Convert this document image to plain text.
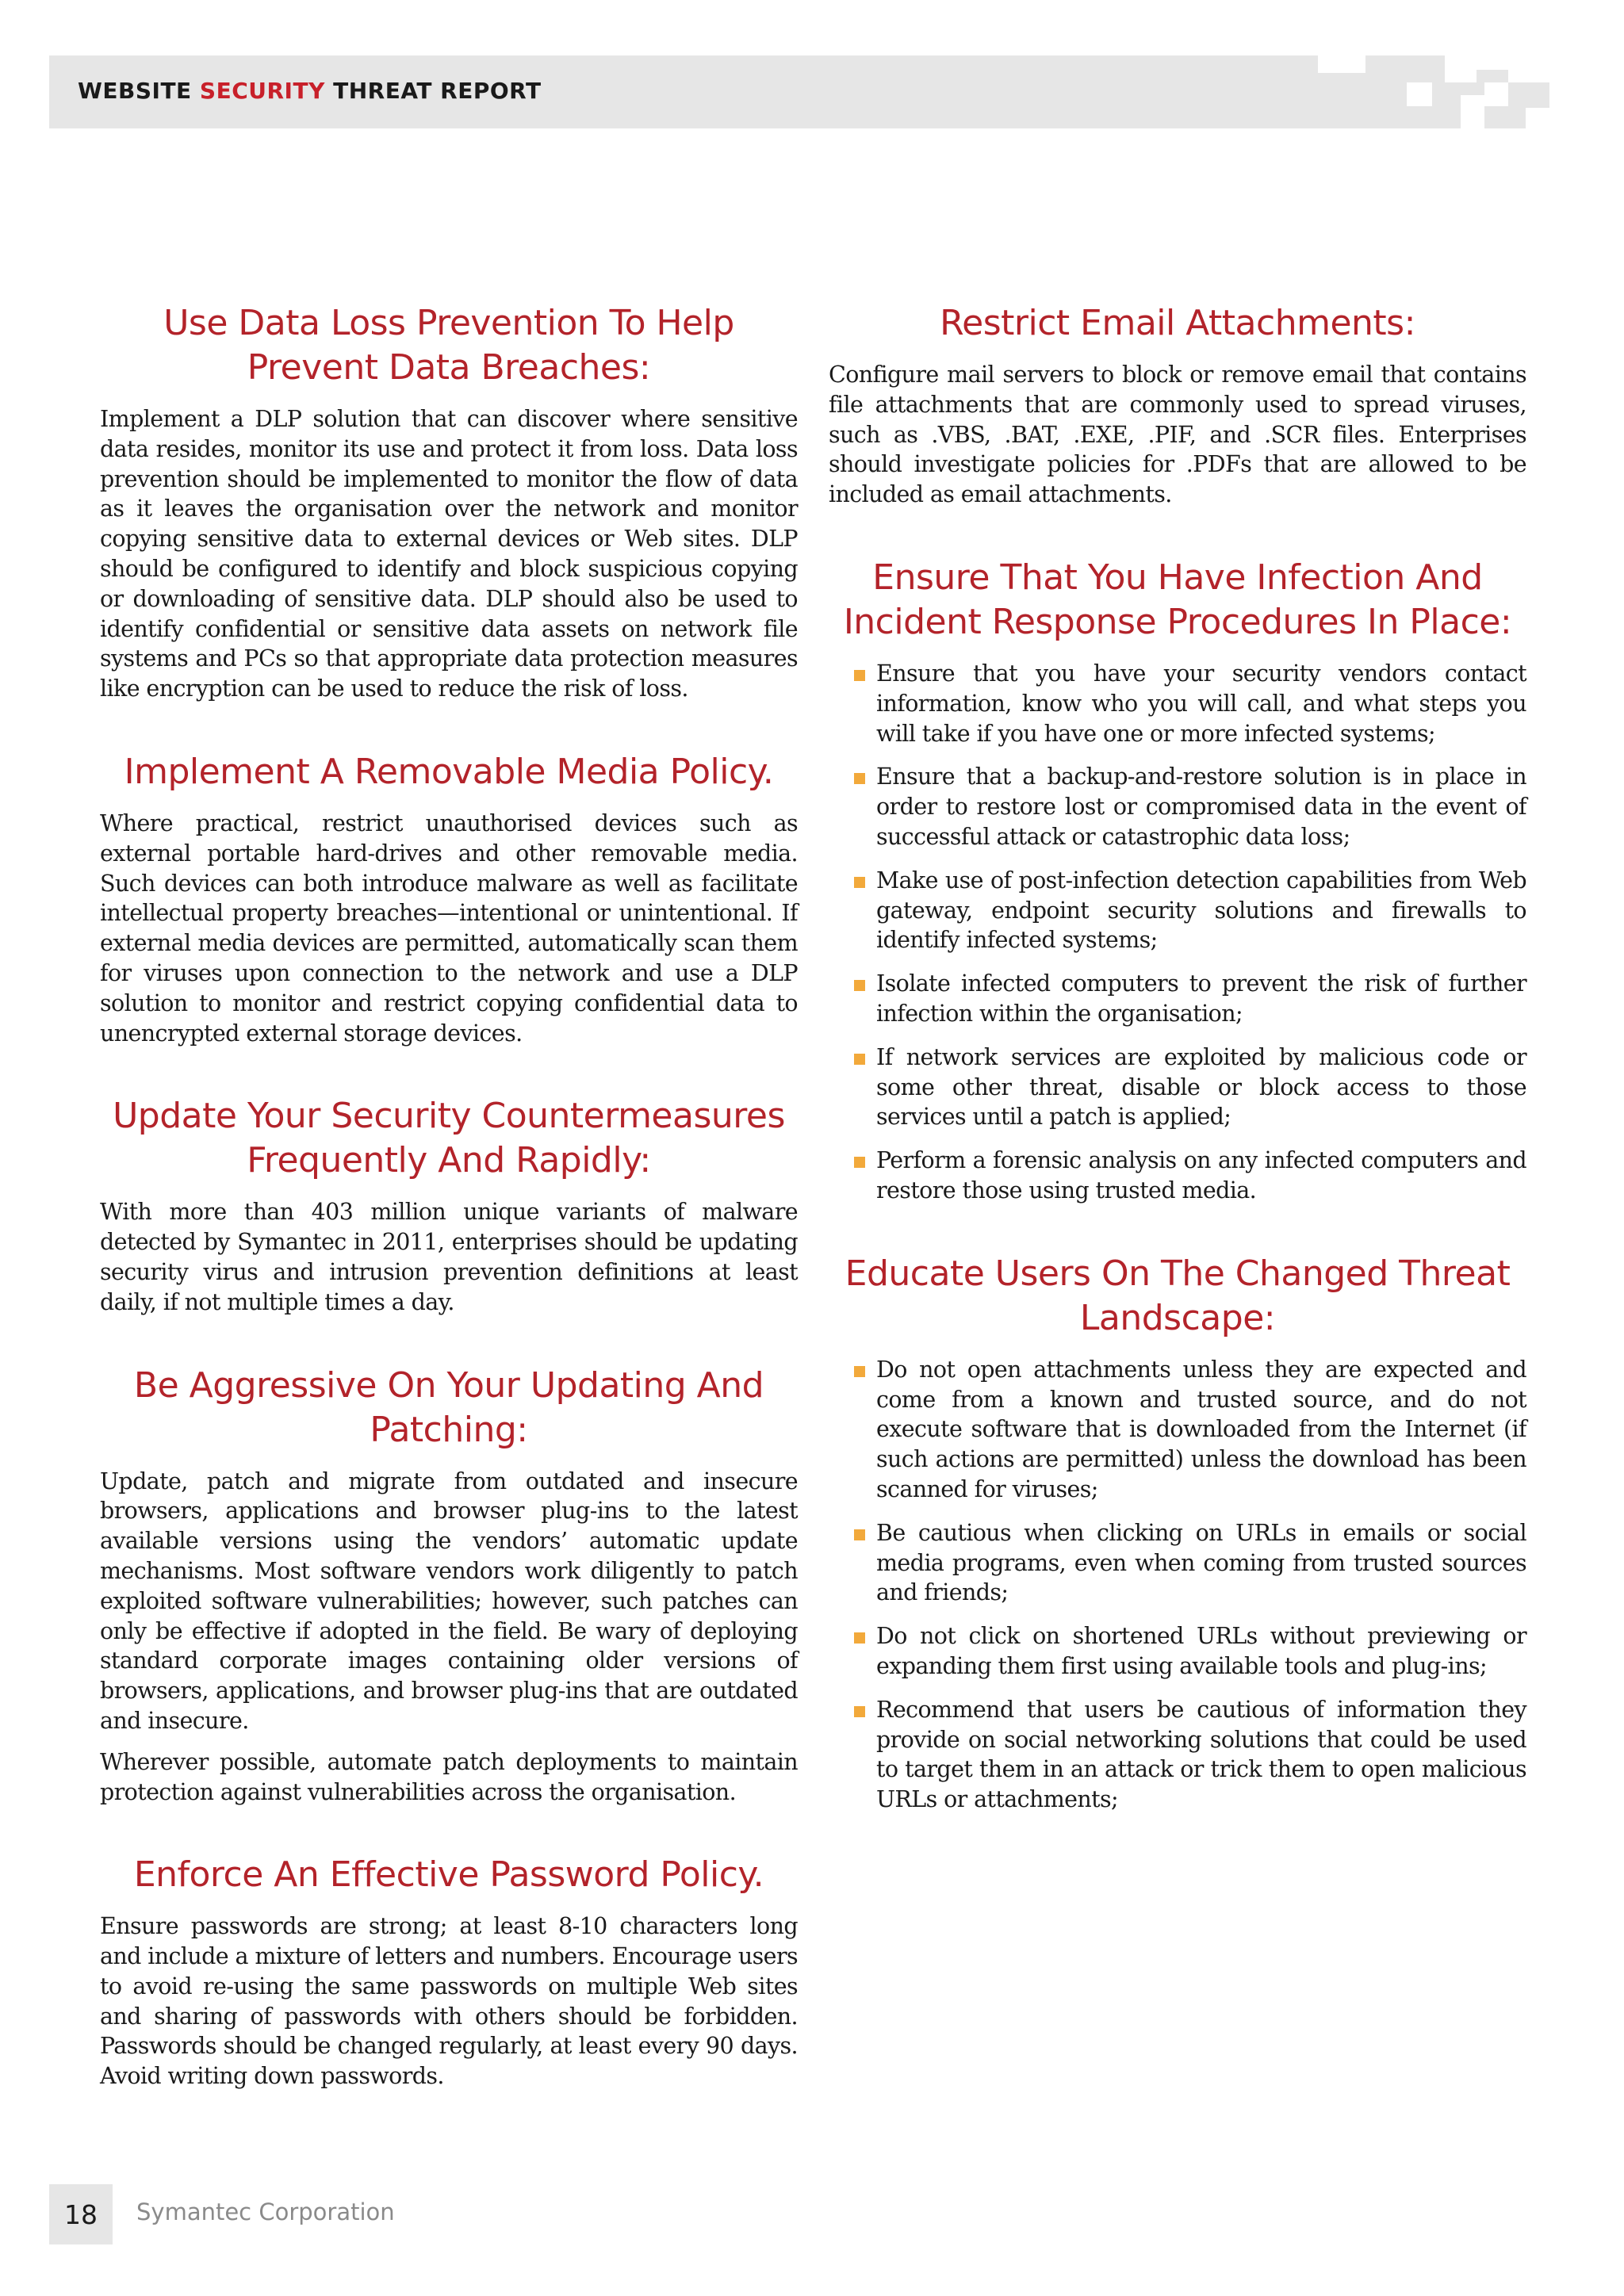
WEBSITE SECURITY THREAT REPORT
Use Data Loss Prevention To Help Prevent Data Breaches:

Implement a DLP solution that can discover where sensitive data resides, monitor its use and protect it from loss. Data loss prevention should be implemented to monitor the flow of data as it leaves the organisation over the network and monitor copying sensitive data to external devices or Web sites. DLP should be configured to identify and block suspicious copying or downloading of sensitive data. DLP should also be used to identify confidential or sensitive data assets on network file systems and PCs so that appropriate data protection measures like encryption can be used to reduce the risk of loss.

Implement A Removable Media Policy.

Where practical, restrict unauthorised devices such as external portable hard-drives and other removable media. Such devices can both introduce malware as well as facilitate intellectual property breaches—intentional or unintentional. If external media devices are permitted, automatically scan them for viruses upon connection to the network and use a DLP solution to monitor and restrict copying confidential data to unencrypted external storage devices.

Update Your Security Countermeasures Frequently And Rapidly:

With more than 403 million unique variants of malware detected by Symantec in 2011, enterprises should be updating security virus and intrusion prevention definitions at least daily, if not multiple times a day.

Be Aggressive On Your Updating And Patching:

Update, patch and migrate from outdated and insecure browsers, applications and browser plug-ins to the latest available versions using the vendors’ automatic update mechanisms. Most software vendors work diligently to patch exploited software vulnerabilities; however, such patches can only be effective if adopted in the field. Be wary of deploying standard corporate images containing older versions of browsers, applications, and browser plug-ins that are outdated and insecure.

Wherever possible, automate patch deployments to maintain protection against vulnerabilities across the organisation.

Enforce An Effective Password Policy.

Ensure passwords are strong; at least 8-10 characters long and include a mixture of letters and numbers. Encourage users to avoid re-using the same passwords on multiple Web sites and sharing of passwords with others should be forbidden. Passwords should be changed regularly, at least every 90 days. Avoid writing down passwords.

Restrict Email Attachments:

Configure mail servers to block or remove email that contains file attachments that are commonly used to spread viruses, such as .VBS, .BAT, .EXE, .PIF, and .SCR files. Enterprises should investigate policies for .PDFs that are allowed to be included as email attachments.

Ensure That You Have Infection And Incident Response Procedures In Place:
Ensure that you have your security vendors contact information, know who you will call, and what steps you will take if you have one or more infected systems;
Ensure that a backup-and-restore solution is in place in order to restore lost or compromised data in the event of successful attack or catastrophic data loss;
Make use of post-infection detection capabilities from Web gateway, endpoint security solutions and firewalls to identify infected systems;
Isolate infected computers to prevent the risk of further infection within the organisation;
If network services are exploited by malicious code or some other threat, disable or block access to those services until a patch is applied;
Perform a forensic analysis on any infected computers and restore those using trusted media.
Educate Users On The Changed Threat Landscape:
Do not open attachments unless they are expected and come from a known and trusted source, and do not execute software that is downloaded from the Internet (if such actions are permitted) unless the download has been scanned for viruses;
Be cautious when clicking on URLs in emails or social media programs, even when coming from trusted sources and friends;
Do not click on shortened URLs without previewing or expanding them first using available tools and plug-ins;
Recommend that users be cautious of information they provide on social networking solutions that could be used to target them in an attack or trick them to open malicious URLs or attachments;
18	Symantec Corporation
